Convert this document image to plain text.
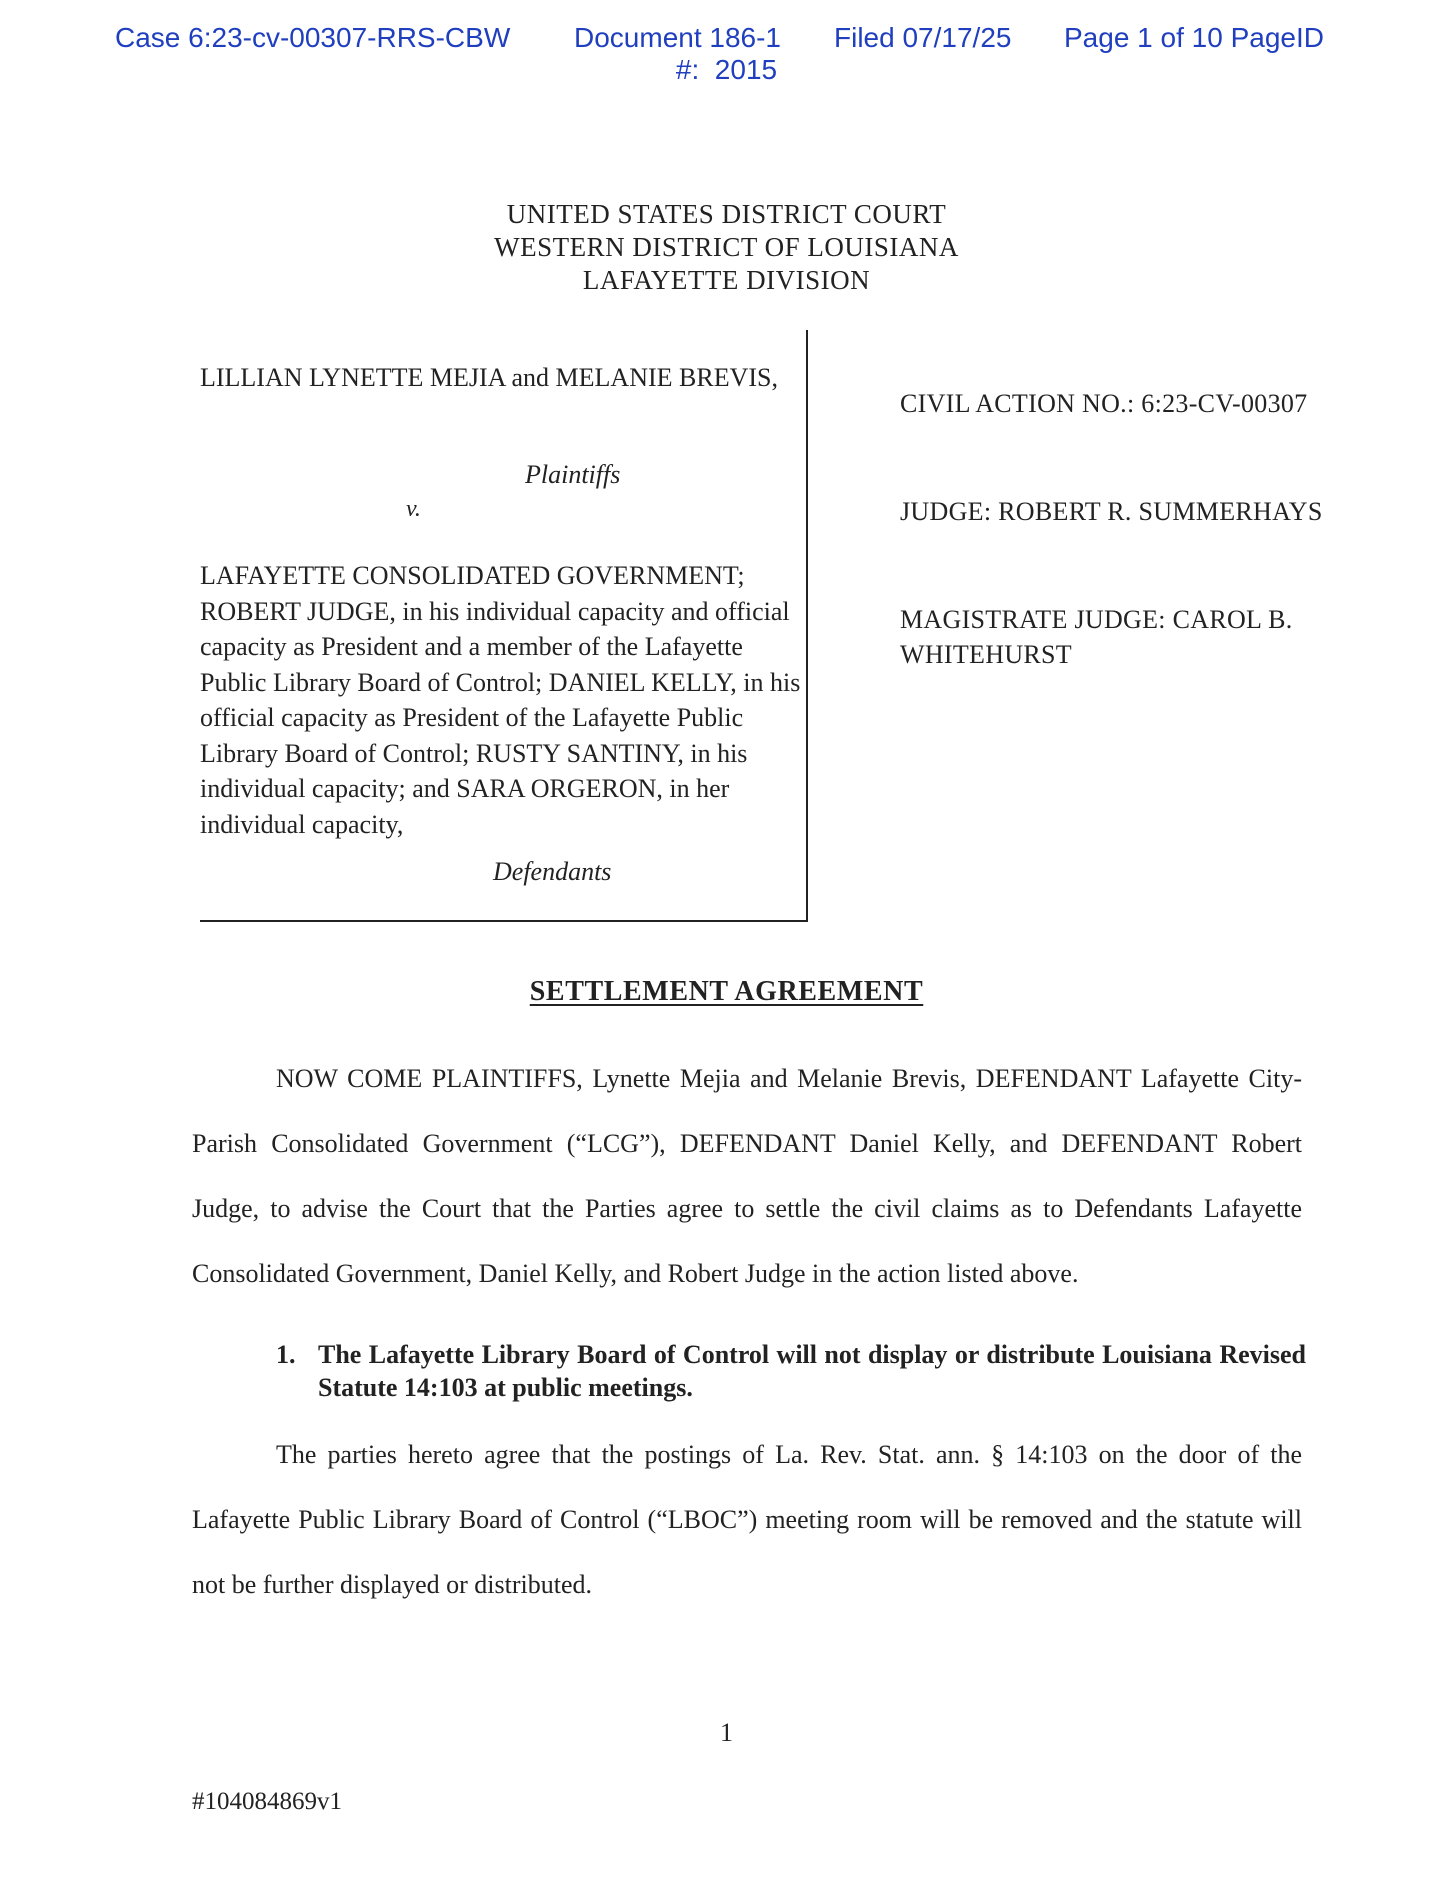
Case 6:23-cv-00307-RRS-CBW Document 186-1 Filed 07/17/25 Page 1 of 10 PageID
#:  2015
UNITED STATES DISTRICT COURT
WESTERN DISTRICT OF LOUISIANA
LAFAYETTE DIVISION
LILLIAN LYNETTE MEJIA and MELANIE BREVIS,
Plaintiffs
v.
LAFAYETTE CONSOLIDATED GOVERNMENT; ROBERT JUDGE, in his individual capacity and official capacity as President and a member of the Lafayette Public Library Board of Control; DANIEL KELLY, in his official capacity as President of the Lafayette Public Library Board of Control; RUSTY SANTINY, in his individual capacity; and SARA ORGERON, in her individual capacity,
Defendants
CIVIL ACTION NO.: 6:23-CV-00307
JUDGE: ROBERT R. SUMMERHAYS
MAGISTRATE JUDGE: CAROL B. WHITEHURST
SETTLEMENT AGREEMENT
NOW COME PLAINTIFFS, Lynette Mejia and Melanie Brevis, DEFENDANT Lafayette City-Parish Consolidated Government (“LCG”), DEFENDANT Daniel Kelly, and DEFENDANT Robert Judge, to advise the Court that the Parties agree to settle the civil claims as to Defendants Lafayette Consolidated Government, Daniel Kelly, and Robert Judge in the action listed above.
1. The Lafayette Library Board of Control will not display or distribute Louisiana Revised Statute 14:103 at public meetings.
The parties hereto agree that the postings of La. Rev. Stat. ann. § 14:103 on the door of the Lafayette Public Library Board of Control (“LBOC”) meeting room will be removed and the statute will not be further displayed or distributed.
1
#104084869v1
